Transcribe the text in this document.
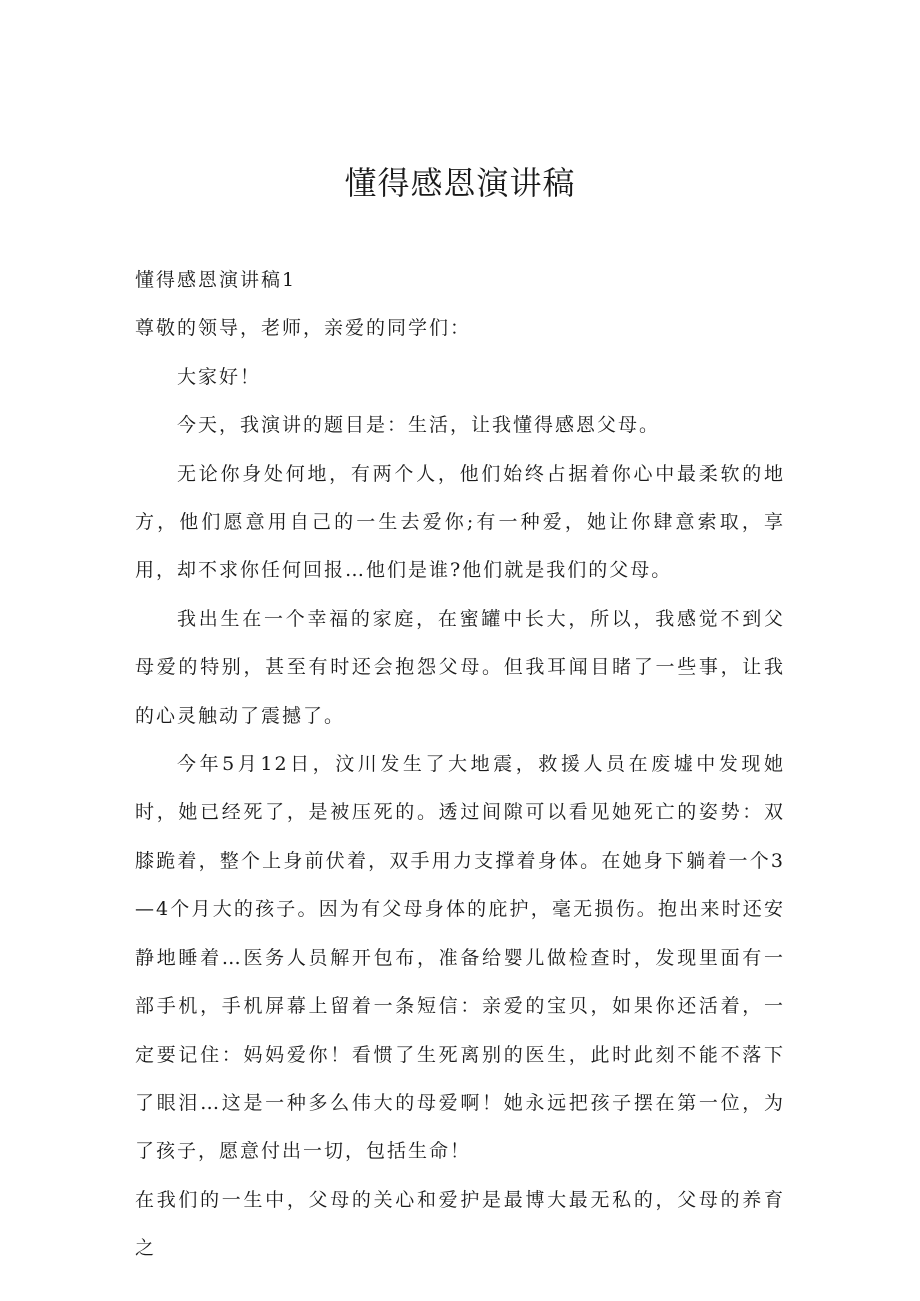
懂得感恩演讲稿

懂得感恩演讲稿1

尊敬的领导，老师，亲爱的同学们：

大家好！

今天，我演讲的题目是：生活，让我懂得感恩父母。

无论你身处何地，有两个人，他们始终占据着你心中最柔软的地方，他们愿意用自己的一生去爱你;有一种爱，她让你肆意索取，享用，却不求你任何回报…他们是谁?他们就是我们的父母。

我出生在一个幸福的家庭，在蜜罐中长大，所以，我感觉不到父母爱的特别，甚至有时还会抱怨父母。但我耳闻目睹了一些事，让我的心灵触动了震撼了。

今年5月12日，汶川发生了大地震，救援人员在废墟中发现她时，她已经死了，是被压死的。透过间隙可以看见她死亡的姿势：双膝跪着，整个上身前伏着，双手用力支撑着身体。在她身下躺着一个3—4个月大的孩子。因为有父母身体的庇护，毫无损伤。抱出来时还安静地睡着…医务人员解开包布，准备给婴儿做检查时，发现里面有一部手机，手机屏幕上留着一条短信：亲爱的宝贝，如果你还活着，一定要记住：妈妈爱你！看惯了生死离别的医生，此时此刻不能不落下了眼泪…这是一种多么伟大的母爱啊！她永远把孩子摆在第一位，为了孩子，愿意付出一切，包括生命！

在我们的一生中，父母的关心和爱护是最博大最无私的，父母的养育之
